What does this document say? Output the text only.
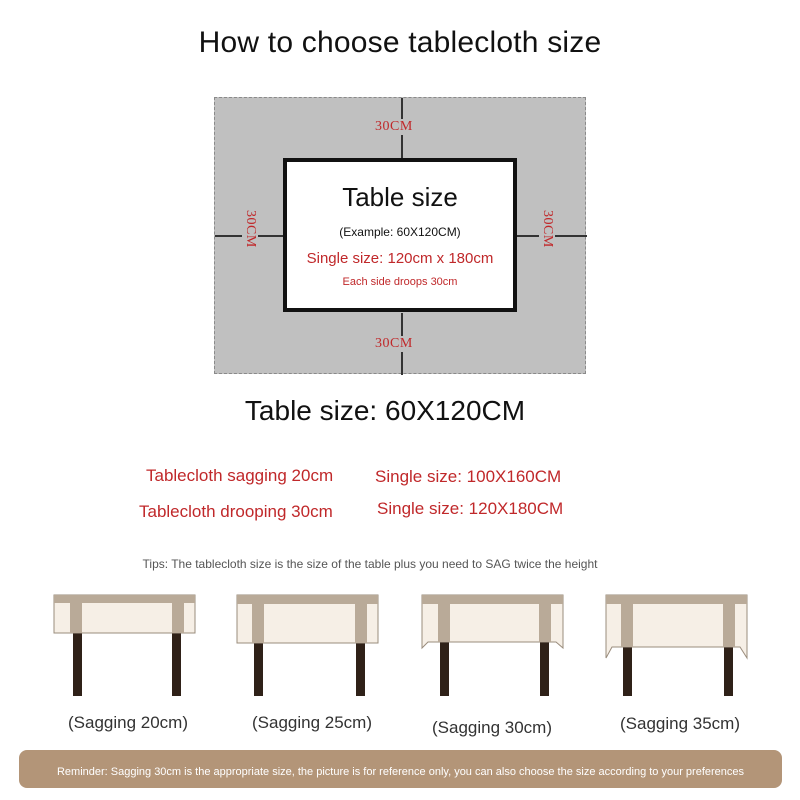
How to choose tablecloth size
30CM
30CM
30CM	30CM
Table size
(Example: 60X120CM)
Single size: 120cm x 180cm
Each side droops 30cm
Table size: 60X120CM
Tablecloth sagging 20cm Single size: 100X160CM
Tablecloth drooping 30cm	Single size: 120X180CM
Tips: The tablecloth size is the size of the table plus you need to SAG twice the height
(Sagging 20cm)	(Sagging 25cm)	(Sagging 30cm)	(Sagging 35cm)
Reminder: Sagging 30cm is the appropriate size, the picture is for reference only, you can also choose the size according to your preferences
